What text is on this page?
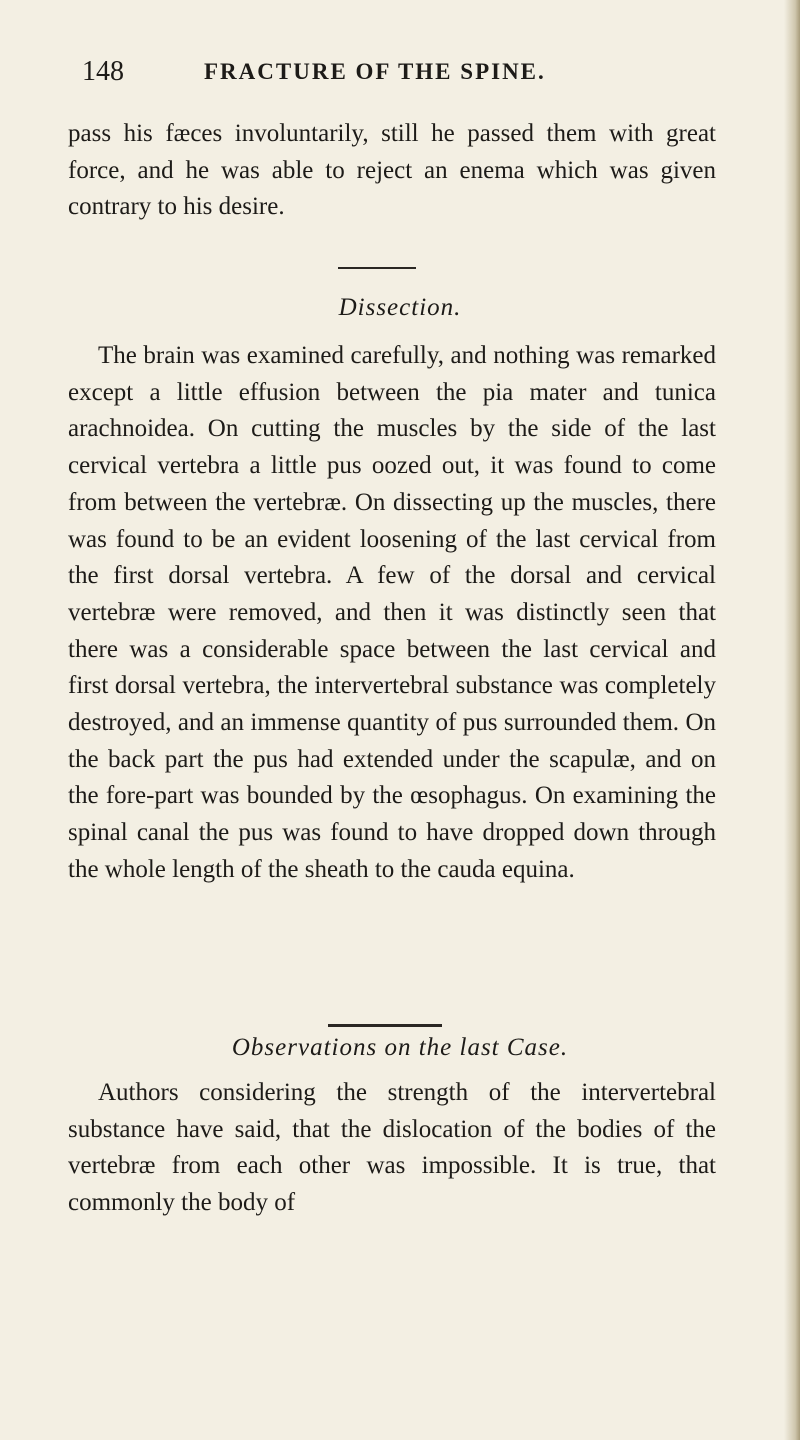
148	FRACTURE OF THE SPINE.

pass his fæces involuntarily, still he passed them with great force, and he was able to reject an enema which was given contrary to his desire.

Dissection.

The brain was examined carefully, and nothing was remarked except a little effusion between the pia mater and tunica arachnoidea. On cutting the muscles by the side of the last cervical vertebra a little pus oozed out, it was found to come from between the vertebræ. On dissecting up the muscles, there was found to be an evident loosening of the last cervical from the first dorsal vertebra. A few of the dorsal and cervical vertebræ were removed, and then it was distinctly seen that there was a considerable space between the last cervical and first dorsal vertebra, the intervertebral substance was completely destroyed, and an immense quantity of pus surrounded them. On the back part the pus had extended under the scapulæ, and on the fore-part was bounded by the œsophagus. On examining the spinal canal the pus was found to have dropped down through the whole length of the sheath to the cauda equina.

Observations on the last Case.

Authors considering the strength of the intervertebral substance have said, that the dislocation of the bodies of the vertebræ from each other was impossible. It is true, that commonly the body of
